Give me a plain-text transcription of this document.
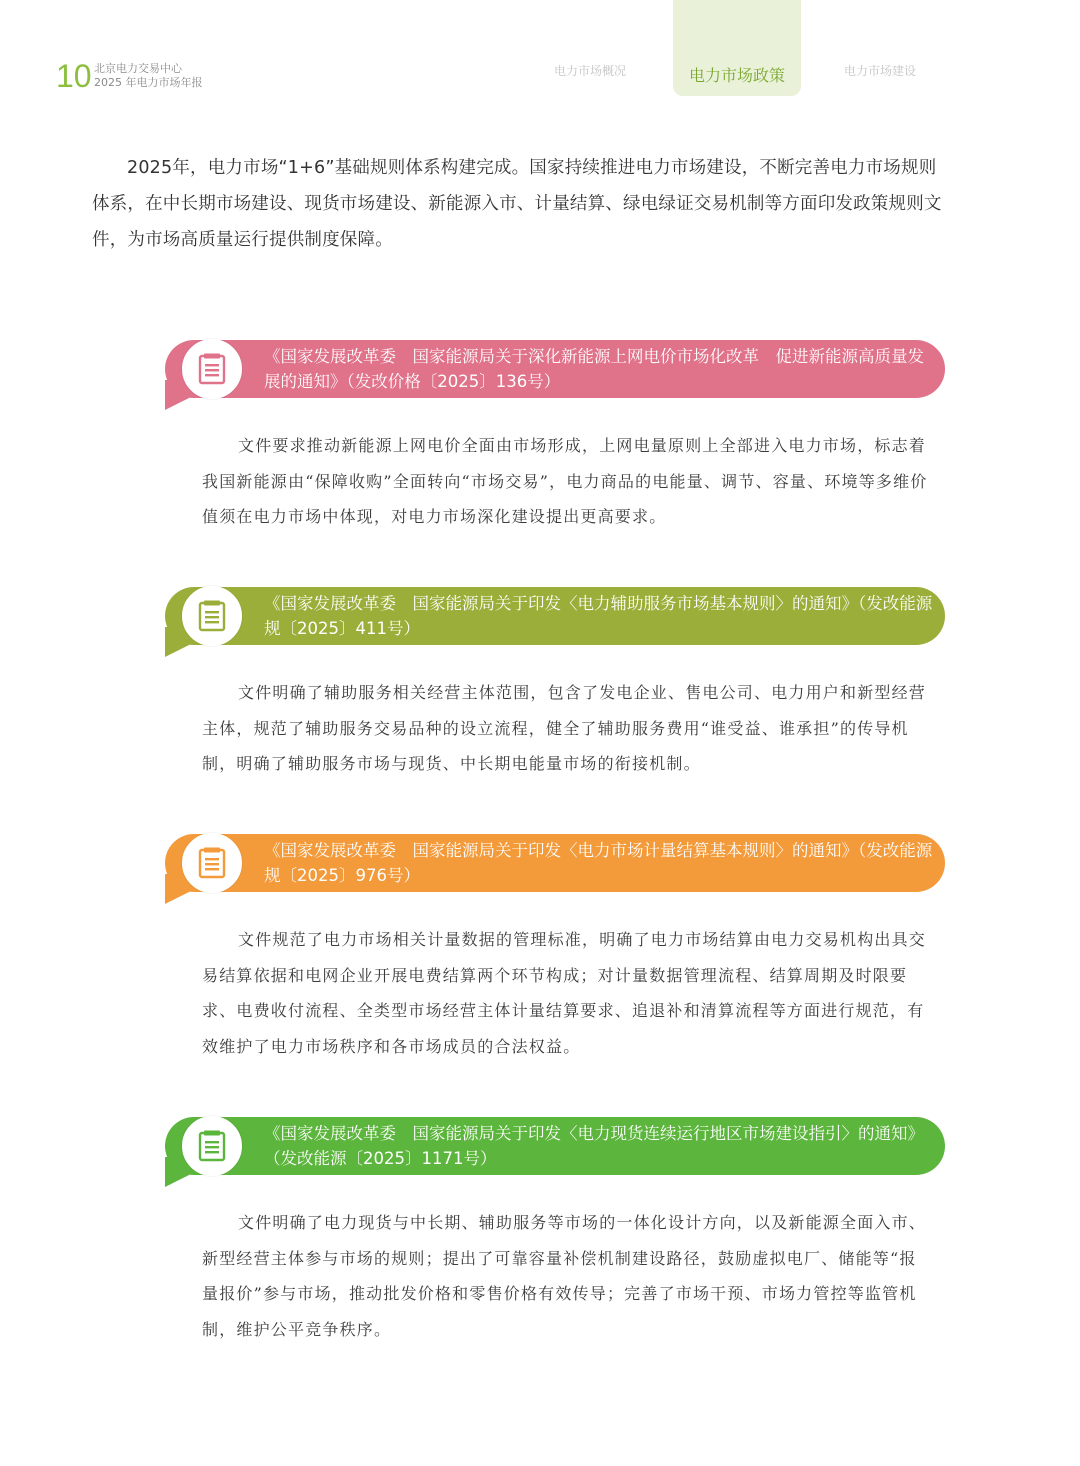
10 北京电力交易中心
2025 年电力市场年报
电力市场概况	电力市场政策	电力市场建设

2025年，电力市场“1+6”基础规则体系构建完成。国家持续推进电力市场建设，不断完善电力市场规则体系，在中长期市场建设、现货市场建设、新能源入市、计量结算、绿电绿证交易机制等方面印发政策规则文件，为市场高质量运行提供制度保障。

《国家发展改革委　国家能源局关于深化新能源上网电价市场化改革　促进新能源高质量发展的通知》（发改价格〔2025〕136号）

文件要求推动新能源上网电价全面由市场形成，上网电量原则上全部进入电力市场，标志着我国新能源由“保障收购”全面转向“市场交易”，电力商品的电能量、调节、容量、环境等多维价值须在电力市场中体现，对电力市场深化建设提出更高要求。

《国家发展改革委　国家能源局关于印发〈电力辅助服务市场基本规则〉的通知》（发改能源规〔2025〕411号）

文件明确了辅助服务相关经营主体范围，包含了发电企业、售电公司、电力用户和新型经营主体，规范了辅助服务交易品种的设立流程，健全了辅助服务费用“谁受益、谁承担”的传导机制，明确了辅助服务市场与现货、中长期电能量市场的衔接机制。

《国家发展改革委　国家能源局关于印发〈电力市场计量结算基本规则〉的通知》（发改能源规〔2025〕976号）

文件规范了电力市场相关计量数据的管理标准，明确了电力市场结算由电力交易机构出具交易结算依据和电网企业开展电费结算两个环节构成；对计量数据管理流程、结算周期及时限要求、电费收付流程、全类型市场经营主体计量结算要求、追退补和清算流程等方面进行规范，有效维护了电力市场秩序和各市场成员的合法权益。

《国家发展改革委　国家能源局关于印发〈电力现货连续运行地区市场建设指引〉的通知》（发改能源〔2025〕1171号）

文件明确了电力现货与中长期、辅助服务等市场的一体化设计方向，以及新能源全面入市、新型经营主体参与市场的规则；提出了可靠容量补偿机制建设路径，鼓励虚拟电厂、储能等“报量报价”参与市场，推动批发价格和零售价格有效传导；完善了市场干预、市场力管控等监管机制，维护公平竞争秩序。
